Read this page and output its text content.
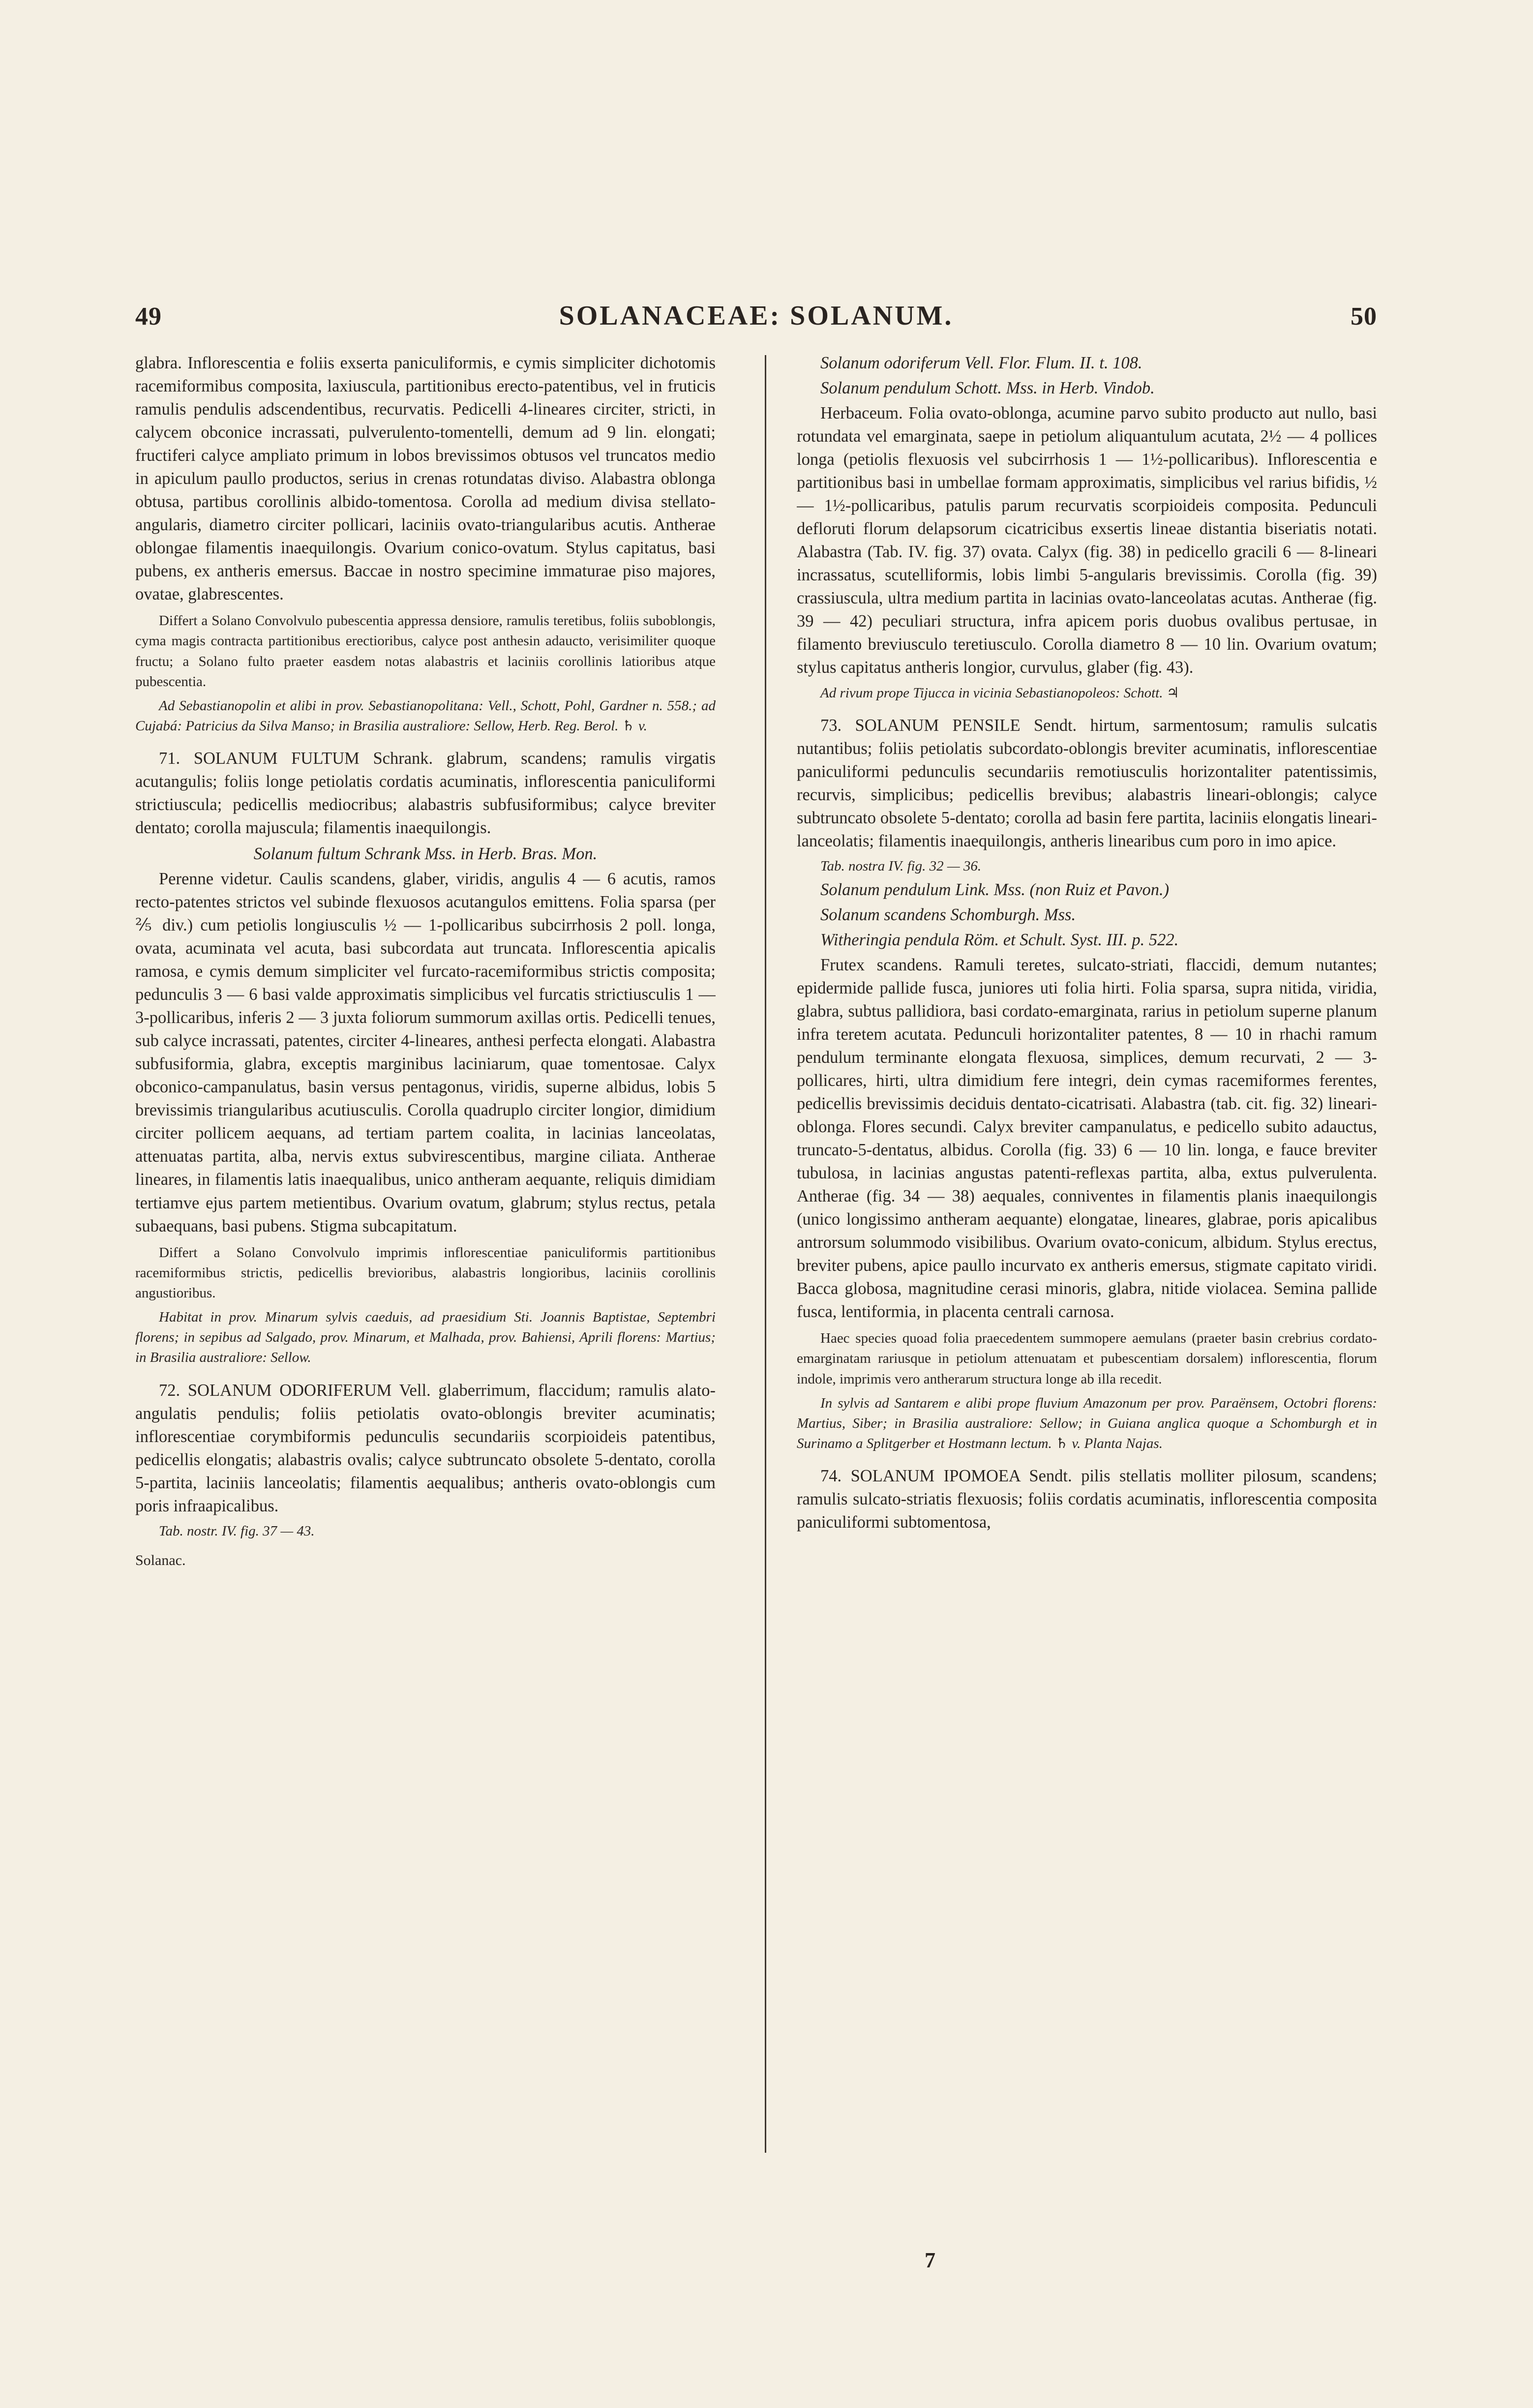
49	SOLANACEAE: SOLANUM.	50

glabra. Inflorescentia e foliis exserta paniculiformis, e cymis simpliciter dichotomis racemiformibus composita, laxiuscula, partitionibus erecto-patentibus, vel in fruticis ramulis pendulis adscendentibus, recurvatis. Pedicelli 4-lineares circiter, stricti, in calycem obconice incrassati, pulverulento-tomentelli, demum ad 9 lin. elongati; fructiferi calyce ampliato primum in lobos brevissimos obtusos vel truncatos medio in apiculum paullo productos, serius in crenas rotundatas diviso. Alabastra oblonga obtusa, partibus corollinis albido-tomentosa. Corolla ad medium divisa stellato-angularis, diametro circiter pollicari, laciniis ovato-triangularibus acutis. Antherae oblongae filamentis inaequilongis. Ovarium conico-ovatum. Stylus capitatus, basi pubens, ex antheris emersus. Baccae in nostro specimine immaturae piso majores, ovatae, glabrescentes.

Differt a Solano Convolvulo pubescentia appressa densiore, ramulis teretibus, foliis suboblongis, cyma magis contracta partitionibus erectioribus, calyce post anthesin adaucto, verisimiliter quoque fructu; a Solano fulto praeter easdem notas alabastris et laciniis corollinis latioribus atque pubescentia.

Ad Sebastianopolin et alibi in prov. Sebastianopolitana: Vell., Schott, Pohl, Gardner n. 558.; ad Cujabá: Patricius da Silva Manso; in Brasilia australiore: Sellow, Herb. Reg. Berol. ♄ v.

71. SOLANUM FULTUM Schrank. glabrum, scandens; ramulis virgatis acutangulis; foliis longe petiolatis cordatis acuminatis, inflorescentia paniculiformi strictiuscula; pedicellis mediocribus; alabastris subfusiformibus; calyce breviter dentato; corolla majuscula; filamentis inaequilongis.

Solanum fultum Schrank Mss. in Herb. Bras. Mon.

Perenne videtur. Caulis scandens, glaber, viridis, angulis 4 — 6 acutis, ramos recto-patentes strictos vel subinde flexuosos acutangulos emittens. Folia sparsa (per ⅖ div.) cum petiolis longiusculis ½ — 1-pollicaribus subcirrhosis 2 poll. longa, ovata, acuminata vel acuta, basi subcordata aut truncata. Inflorescentia apicalis ramosa, e cymis demum simpliciter vel furcato-racemiformibus strictis composita; pedunculis 3 — 6 basi valde approximatis simplicibus vel furcatis strictiusculis 1 — 3-pollicaribus, inferis 2 — 3 juxta foliorum summorum axillas ortis. Pedicelli tenues, sub calyce incrassati, patentes, circiter 4-lineares, anthesi perfecta elongati. Alabastra subfusiformia, glabra, exceptis marginibus laciniarum, quae tomentosae. Calyx obconico-campanulatus, basin versus pentagonus, viridis, superne albidus, lobis 5 brevissimis triangularibus acutiusculis. Corolla quadruplo circiter longior, dimidium circiter pollicem aequans, ad tertiam partem coalita, in lacinias lanceolatas, attenuatas partita, alba, nervis extus subvirescentibus, margine ciliata. Antherae lineares, in filamentis latis inaequalibus, unico antheram aequante, reliquis dimidiam tertiamve ejus partem metientibus. Ovarium ovatum, glabrum; stylus rectus, petala subaequans, basi pubens. Stigma subcapitatum.

Differt a Solano Convolvulo imprimis inflorescentiae paniculiformis partitionibus racemiformibus strictis, pedicellis brevioribus, alabastris longioribus, laciniis corollinis angustioribus.

Habitat in prov. Minarum sylvis caeduis, ad praesidium Sti. Joannis Baptistae, Septembri florens; in sepibus ad Salgado, prov. Minarum, et Malhada, prov. Bahiensi, Aprili florens: Martius; in Brasilia australiore: Sellow.

72. SOLANUM ODORIFERUM Vell. glaberrimum, flaccidum; ramulis alato-angulatis pendulis; foliis petiolatis ovato-oblongis breviter acuminatis; inflorescentiae corymbiformis pedunculis secundariis scorpioideis patentibus, pedicellis elongatis; alabastris ovalis; calyce subtruncato obsolete 5-dentato, corolla 5-partita, laciniis lanceolatis; filamentis aequalibus; antheris ovato-oblongis cum poris infraapicalibus.

Tab. nostr. IV. fig. 37 — 43.

Solanac.

Solanum odoriferum Vell. Flor. Flum. II. t. 108.

Solanum pendulum Schott. Mss. in Herb. Vindob.

Herbaceum. Folia ovato-oblonga, acumine parvo subito producto aut nullo, basi rotundata vel emarginata, saepe in petiolum aliquantulum acutata, 2½ — 4 pollices longa (petiolis flexuosis vel subcirrhosis 1 — 1½-pollicaribus). Inflorescentia e partitionibus basi in umbellae formam approximatis, simplicibus vel rarius bifidis, ½ — 1½-pollicaribus, patulis parum recurvatis scorpioideis composita. Pedunculi defloruti florum delapsorum cicatricibus exsertis lineae distantia biseriatis notati. Alabastra (Tab. IV. fig. 37) ovata. Calyx (fig. 38) in pedicello gracili 6 — 8-lineari incrassatus, scutelliformis, lobis limbi 5-angularis brevissimis. Corolla (fig. 39) crassiuscula, ultra medium partita in lacinias ovato-lanceolatas acutas. Antherae (fig. 39 — 42) peculiari structura, infra apicem poris duobus ovalibus pertusae, in filamento breviusculo teretiusculo. Corolla diametro 8 — 10 lin. Ovarium ovatum; stylus capitatus antheris longior, curvulus, glaber (fig. 43).

Ad rivum prope Tijucca in vicinia Sebastianopoleos: Schott. ♃

73. SOLANUM PENSILE Sendt. hirtum, sarmentosum; ramulis sulcatis nutantibus; foliis petiolatis subcordato-oblongis breviter acuminatis, inflorescentiae paniculiformi pedunculis secundariis remotiusculis horizontaliter patentissimis, recurvis, simplicibus; pedicellis brevibus; alabastris lineari-oblongis; calyce subtruncato obsolete 5-dentato; corolla ad basin fere partita, laciniis elongatis lineari-lanceolatis; filamentis inaequilongis, antheris linearibus cum poro in imo apice.

Tab. nostra IV. fig. 32 — 36.

Solanum pendulum Link. Mss. (non Ruiz et Pavon.)

Solanum scandens Schomburgh. Mss.

Witheringia pendula Röm. et Schult. Syst. III. p. 522.

Frutex scandens. Ramuli teretes, sulcato-striati, flaccidi, demum nutantes; epidermide pallide fusca, juniores uti folia hirti. Folia sparsa, supra nitida, viridia, glabra, subtus pallidiora, basi cordato-emarginata, rarius in petiolum superne planum infra teretem acutata. Pedunculi horizontaliter patentes, 8 — 10 in rhachi ramum pendulum terminante elongata flexuosa, simplices, demum recurvati, 2 — 3-pollicares, hirti, ultra dimidium fere integri, dein cymas racemiformes ferentes, pedicellis brevissimis deciduis dentato-cicatrisati. Alabastra (tab. cit. fig. 32) lineari-oblonga. Flores secundi. Calyx breviter campanulatus, e pedicello subito adauctus, truncato-5-dentatus, albidus. Corolla (fig. 33) 6 — 10 lin. longa, e fauce breviter tubulosa, in lacinias angustas patenti-reflexas partita, alba, extus pulverulenta. Antherae (fig. 34 — 38) aequales, conniventes in filamentis planis inaequilongis (unico longissimo antheram aequante) elongatae, lineares, glabrae, poris apicalibus antrorsum solummodo visibilibus. Ovarium ovato-conicum, albidum. Stylus erectus, breviter pubens, apice paullo incurvato ex antheris emersus, stigmate capitato viridi. Bacca globosa, magnitudine cerasi minoris, glabra, nitide violacea. Semina pallide fusca, lentiformia, in placenta centrali carnosa.

Haec species quoad folia praecedentem summopere aemulans (praeter basin crebrius cordato-emarginatam rariusque in petiolum attenuatam et pubescentiam dorsalem) inflorescentia, florum indole, imprimis vero antherarum structura longe ab illa recedit.

In sylvis ad Santarem e alibi prope fluvium Amazonum per prov. Paraënsem, Octobri florens: Martius, Siber; in Brasilia australiore: Sellow; in Guiana anglica quoque a Schomburgh et in Surinamo a Splitgerber et Hostmann lectum. ♄ v. Planta Najas.

74. SOLANUM IPOMOEA Sendt. pilis stellatis molliter pilosum, scandens; ramulis sulcato-striatis flexuosis; foliis cordatis acuminatis, inflorescentia composita paniculiformi subtomentosa,

7
